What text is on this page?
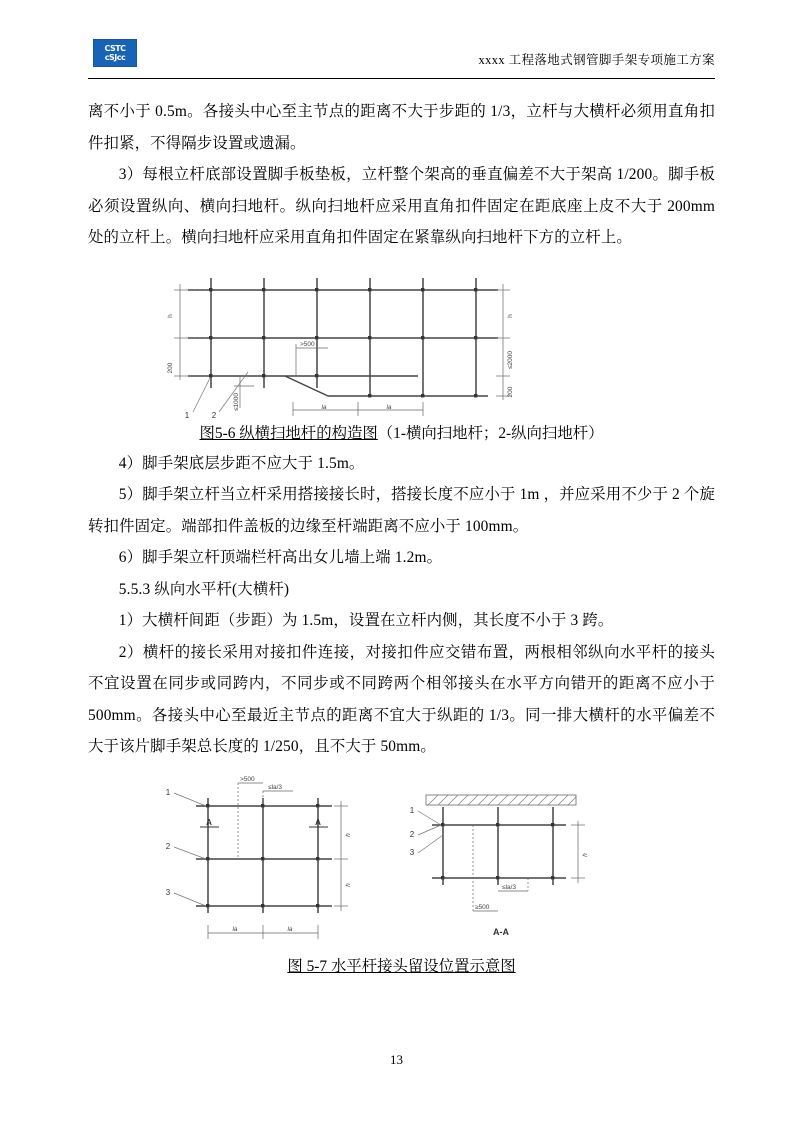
CSTC
cSJcc	xxxx 工程落地式钢管脚手架专项施工方案

离不小于 0.5m。各接头中心至主节点的距离不大于步距的 1/3，立杆与大横杆必须用直角扣件扣紧，不得隔步设置或遗漏。

3）每根立杆底部设置脚手板垫板，立杆整个架高的垂直偏差不大于架高 1/200。脚手板必须设置纵向、横向扫地杆。纵向扫地杆应采用直角扣件固定在距底座上皮不大于 200mm 处的立杆上。横向扫地杆应采用直角扣件固定在紧靠纵向扫地杆下方的立杆上。

h
200
h
≤2000
200
>500
≤1000	la	la
1	2
图5-6 纵横扫地杆的构造图（1-横向扫地杆；2-纵向扫地杆）

4）脚手架底层步距不应大于 1.5m。

5）脚手架立杆当立杆采用搭接接长时，搭接长度不应小于 1m ，并应采用不少于 2 个旋转扣件固定。端部扣件盖板的边缘至杆端距离不应小于 100mm。

6）脚手架立杆顶端栏杆高出女儿墙上端 1.2m。

5.5.3 纵向水平杆(大横杆)

1）大横杆间距（步距）为 1.5m，设置在立杆内侧，其长度不小于 3 跨。

2）横杆的接长采用对接扣件连接，对接扣件应交错布置，两根相邻纵向水平杆的接头不宜设置在同步或同跨内，不同步或不同跨两个相邻接头在水平方向错开的距离不应小于 500mm。各接头中心至最近主节点的距离不宜大于纵距的 1/3。同一排大横杆的水平偏差不大于该片脚手架总长度的 1/250，且不大于 50mm。

>500
≤la/3
h
h
la	la
1
2
3
A	A
≤la/3
≥500
h
1
2
3
A-A
图 5-7 水平杆接头留设位置示意图
13
